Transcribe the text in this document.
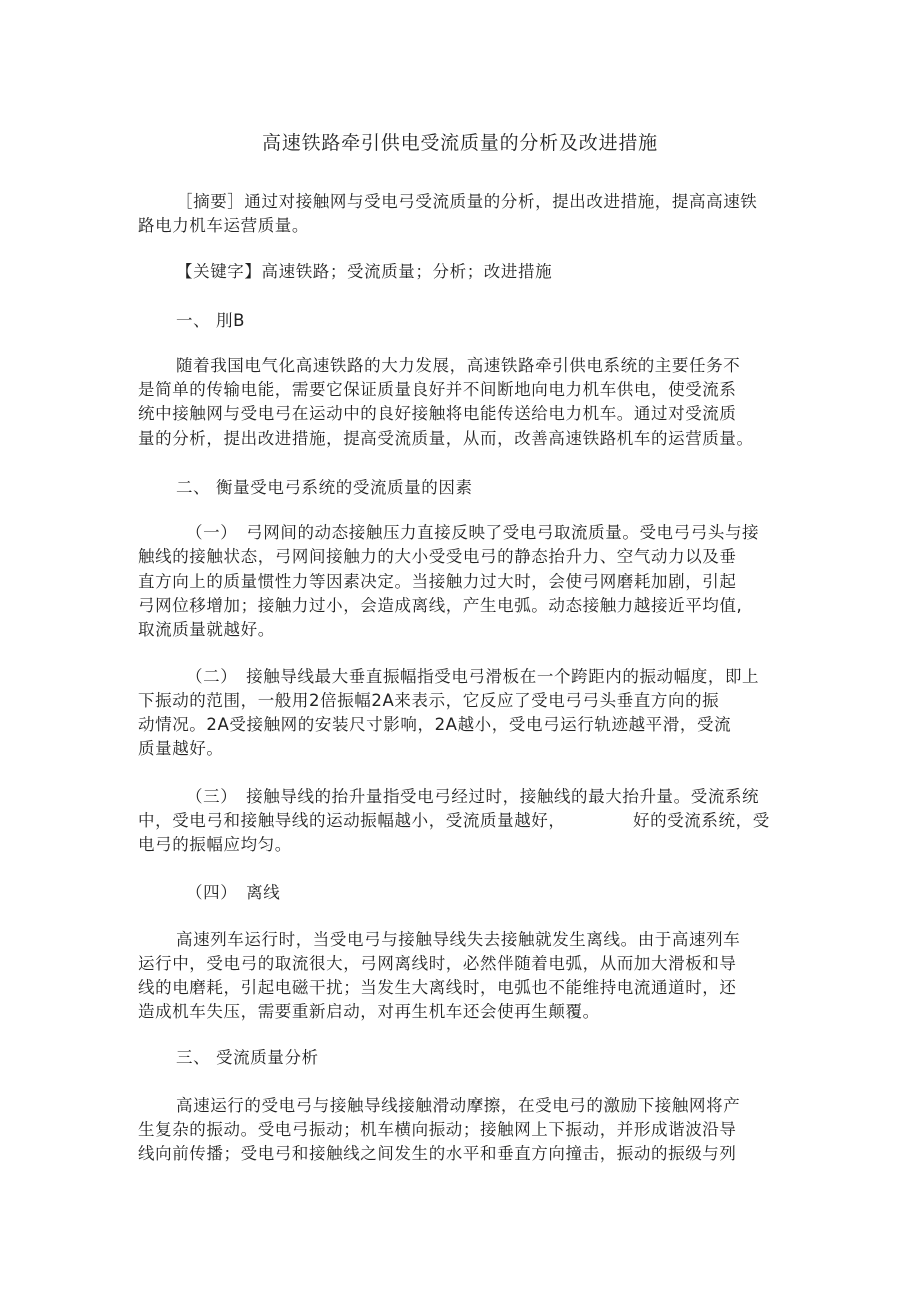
高速铁路牵引供电受流质量的分析及改进措施
［摘要］通过对接触网与受电弓受流质量的分析，提出改进措施，提高高速铁
路电力机车运营质量。
【关键字】高速铁路；受流质量；分析；改进措施
一、 刖B
随着我国电气化高速铁路的大力发展，高速铁路牵引供电系统的主要任务不
是简单的传输电能，需要它保证质量良好并不间断地向电力机车供电，使受流系
统中接触网与受电弓在运动中的良好接触将电能传送给电力机车。通过对受流质
量的分析，提出改进措施，提高受流质量，从而，改善高速铁路机车的运营质量。
二、 衡量受电弓系统的受流质量的因素
（一）　弓网间的动态接触压力直接反映了受电弓取流质量。受电弓弓头与接
触线的接触状态，弓网间接触力的大小受受电弓的静态抬升力、空气动力以及垂
直方向上的质量惯性力等因素决定。当接触力过大时，会使弓网磨耗加剧，引起
弓网位移增加；接触力过小，会造成离线，产生电弧。动态接触力越接近平均值,
取流质量就越好。
（二）　接触导线最大垂直振幅指受电弓滑板在一个跨距内的振动幅度，即上
下振动的范围，一般用2倍振幅2A来表示，它反应了受电弓弓头垂直方向的振
动情况。2A受接触网的安装尺寸影响，2A越小，受电弓运行轨迹越平滑，受流
质量越好。
（三）　接触导线的抬升量指受电弓经过时，接触线的最大抬升量。受流系统
中，受电弓和接触导线的运动振幅越小，受流质量越好，	好的受流系统，受
电弓的振幅应均匀。
（四）　离线
高速列车运行时，当受电弓与接触导线失去接触就发生离线。由于高速列车
运行中，受电弓的取流很大，弓网离线时，必然伴随着电弧，从而加大滑板和导
线的电磨耗，引起电磁干扰；当发生大离线时，电弧也不能维持电流通道时，还
造成机车失压，需要重新启动，对再生机车还会使再生颠覆。
三、 受流质量分析
高速运行的受电弓与接触导线接触滑动摩擦，在受电弓的激励下接触网将产
生复杂的振动。受电弓振动；机车横向振动；接触网上下振动，并形成谐波沿导
线向前传播；受电弓和接触线之间发生的水平和垂直方向撞击，振动的振级与列
